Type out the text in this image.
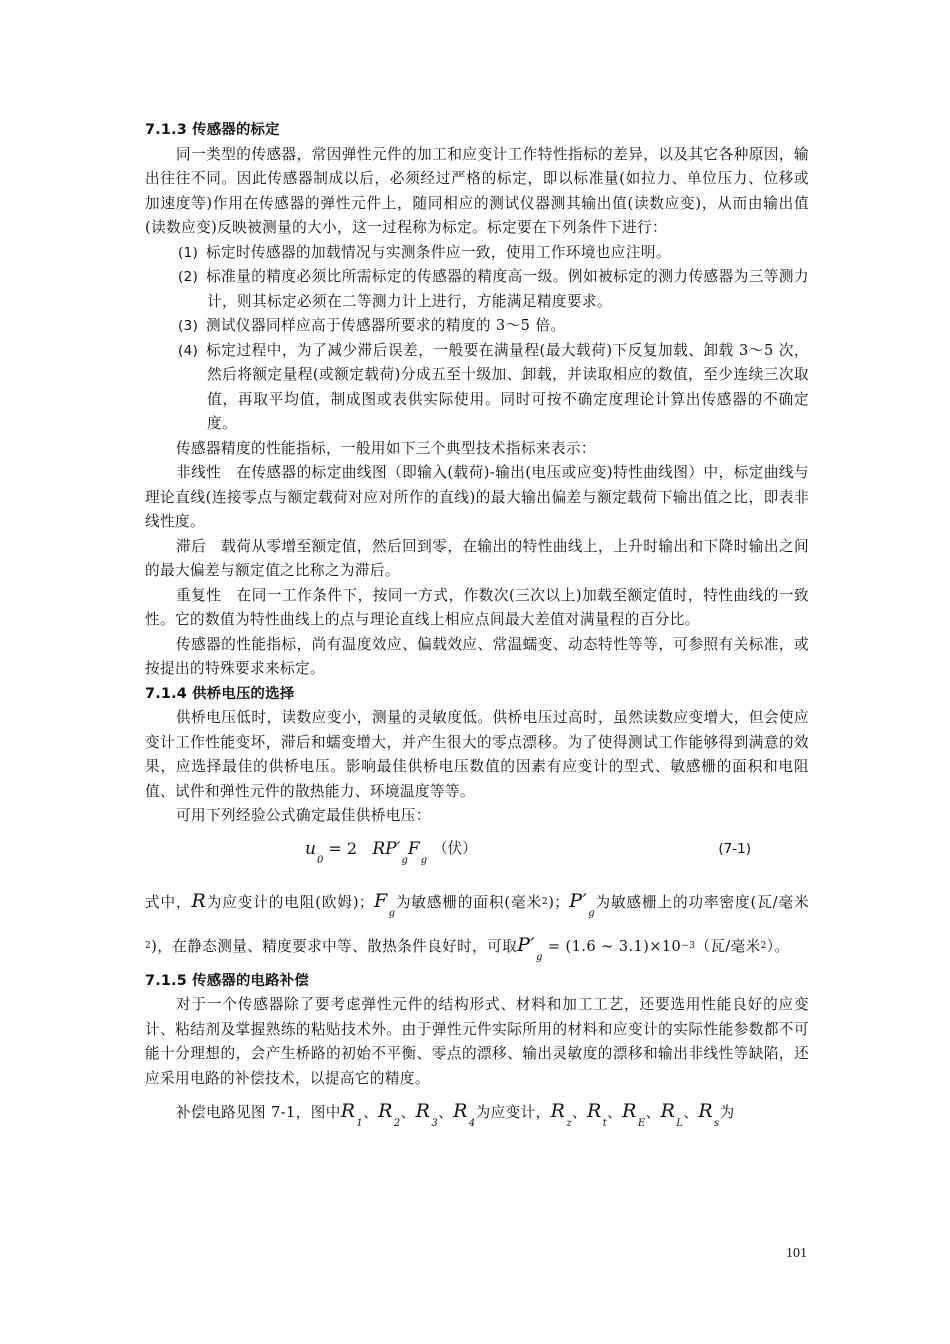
7.1.3 传感器的标定

同一类型的传感器，常因弹性元件的加工和应变计工作特性指标的差异，以及其它各种原因，输出往往不同。因此传感器制成以后，必须经过严格的标定，即以标准量(如拉力、单位压力、位移或加速度等)作用在传感器的弹性元件上，随同相应的测试仪器测其输出值(读数应变)，从而由输出值(读数应变)反映被测量的大小，这一过程称为标定。标定要在下列条件下进行：

(1) 标定时传感器的加载情况与实测条件应一致，使用工作环境也应注明。
(2) 标准量的精度必须比所需标定的传感器的精度高一级。例如被标定的测力传感器为三等测力计，则其标定必须在二等测力计上进行，方能满足精度要求。
(3) 测试仪器同样应高于传感器所要求的精度的 3～5 倍。
(4) 标定过程中，为了减少滞后误差，一般要在满量程(最大载荷)下反复加载、卸载 3～5 次，然后将额定量程(或额定载荷)分成五至十级加、卸载，并读取相应的数值，至少连续三次取值，再取平均值，制成图或表供实际使用。同时可按不确定度理论计算出传感器的不确定度。

传感器精度的性能指标，一般用如下三个典型技术指标来表示：

非线性　在传感器的标定曲线图（即输入(载荷)-输出(电压或应变)特性曲线图）中，标定曲线与理论直线(连接零点与额定载荷对应对所作的直线)的最大输出偏差与额定载荷下输出值之比，即表非线性度。

滞后　载荷从零增至额定值，然后回到零，在输出的特性曲线上，上升时输出和下降时输出之间的最大偏差与额定值之比称之为滞后。

重复性　在同一工作条件下，按同一方式，作数次(三次以上)加载至额定值时，特性曲线的一致性。它的数值为特性曲线上的点与理论直线上相应点间最大差值对满量程的百分比。

传感器的性能指标，尚有温度效应、偏载效应、常温蠕变、动态特性等等，可参照有关标准，或按提出的特殊要求来标定。

7.1.4 供桥电压的选择

供桥电压低时，读数应变小，测量的灵敏度低。供桥电压过高时，虽然读数应变增大，但会使应变计工作性能变坏，滞后和蠕变增大，并产生很大的零点漂移。为了使得测试工作能够得到满意的效果，应选择最佳的供桥电压。影响最佳供桥电压数值的因素有应变计的型式、敏感栅的面积和电阻值、试件和弹性元件的散热能力、环境温度等等。

可用下列经验公式确定最佳供桥电压：

$u_0 = 2$ $RP'_gF_g$
（伏）	(7-1)

式中，R为应变计的电阻(欧姆)；$F_g$为敏感栅的面积(毫米$^2$)；$P'_g$为敏感栅上的功率密度(瓦/毫米$^2$)，在静态测量、精度要求中等、散热条件良好时，可取$P'_g = (1.6$ ~ $3.1)\times 10^{-3}$（瓦/毫米$^2$）。

7.1.5 传感器的电路补偿

对于一个传感器除了要考虑弹性元件的结构形式、材料和加工工艺，还要选用性能良好的应变计、粘结剂及掌握熟练的粘贴技术外。由于弹性元件实际所用的材料和应变计的实际性能参数都不可能十分理想的，会产生桥路的初始不平衡、零点的漂移、输出灵敏度的漂移和输出非线性等缺陷，还应采用电路的补偿技术，以提高它的精度。

补偿电路见图 7-1，图中$R_1$、$R_2$、$R_3$、$R_4$为应变计，$R_z$、$R_t$、$R_E$、$R_L$、$R_s$为

101
